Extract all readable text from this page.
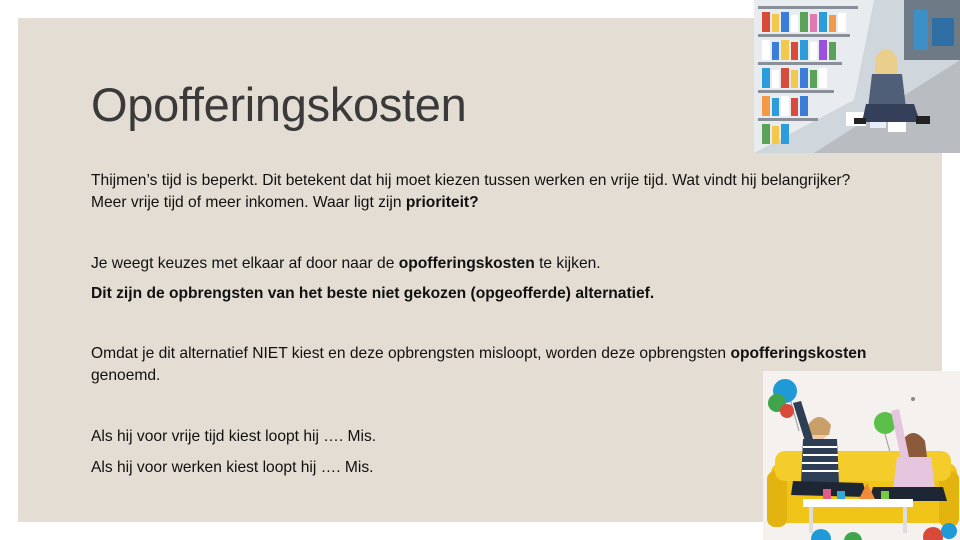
Opofferingskosten

Thijmen’s tijd is beperkt. Dit betekent dat hij moet kiezen tussen werken en vrije tijd. Wat vindt hij belangrijker? Meer vrije tijd of meer inkomen. Waar ligt zijn prioriteit?

Je weegt keuzes met elkaar af door naar de opofferingskosten te kijken.

Dit zijn de opbrengsten van het beste niet gekozen (opgeofferde) alternatief.

Omdat je dit alternatief NIET kiest en deze opbrengsten misloopt, worden deze opbrengsten opofferingskosten genoemd.

Als hij voor vrije tijd kiest loopt hij …. Mis.

Als hij voor werken kiest loopt hij …. Mis.
